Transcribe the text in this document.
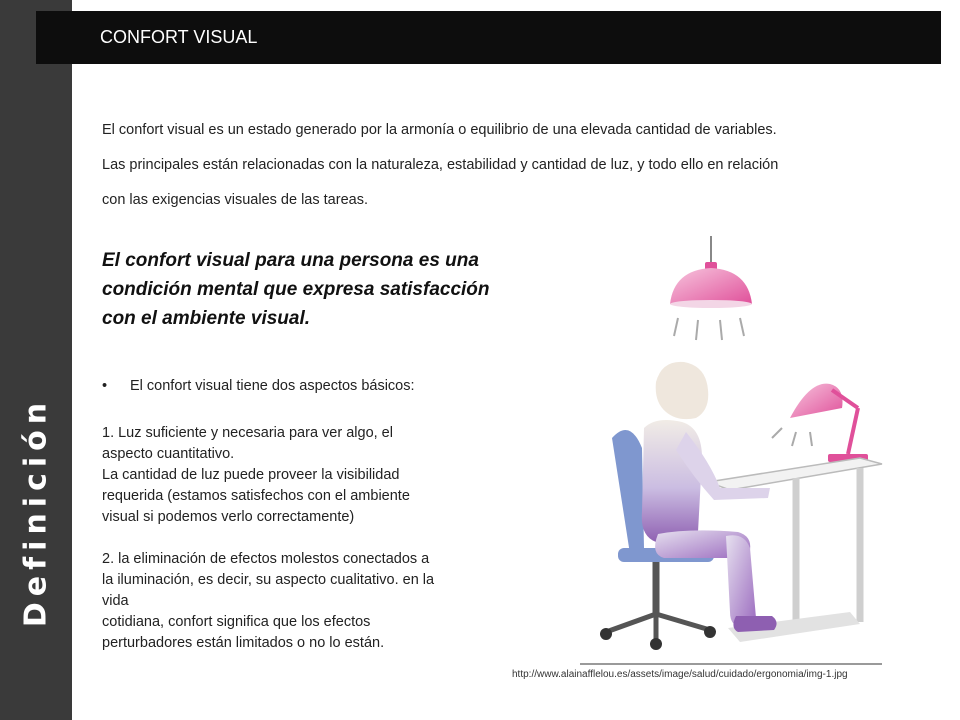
Definición
CONFORT VISUAL

El confort visual es un estado generado por la armonía o equilibrio de una elevada cantidad de variables.

Las principales están relacionadas con la naturaleza, estabilidad y cantidad de luz, y todo ello en relación

con las exigencias visuales de las tareas.

El confort visual para una persona es una condición mental que expresa satisfacción con el ambiente visual.
• El confort visual tiene dos aspectos básicos:

1. Luz suficiente y necesaria para ver algo, el

aspecto cuantitativo.

La cantidad de luz puede proveer la visibilidad

requerida (estamos satisfechos con el ambiente

visual si podemos verlo correctamente)

2. la eliminación de efectos molestos conectados a

la iluminación, es decir, su aspecto cualitativo. en la

vida

cotidiana, confort significa que los efectos

perturbadores están limitados o no lo están.

http://www.alainafflelou.es/assets/image/salud/cuidado/ergonomia/img-1.jpg
